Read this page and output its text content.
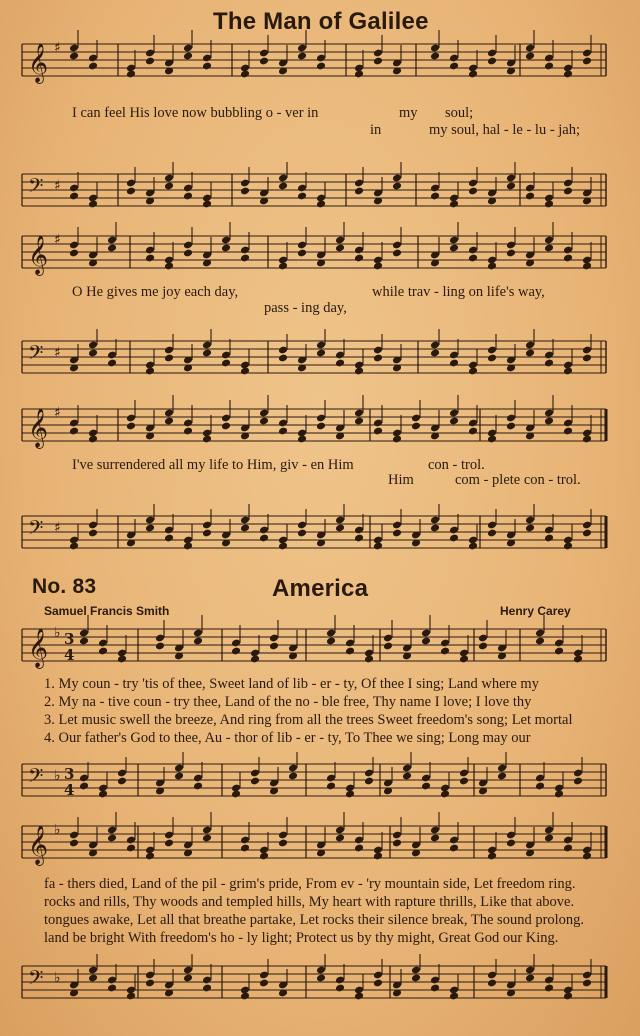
The Man of Galilee
𝄞 ♯
I can feel His love now bubbling o - ver in	my soul;
in	my soul, hal - le - lu - jah;
𝄢 ♯
𝄞 ♯
O He gives me joy each day,	while trav - ling on life's way,
pass - ing day,
𝄢 ♯
𝄞 ♯
I've surrendered all my life to Him, giv - en Him	con - trol.
Him	com - plete con - trol.
𝄢 ♯
No. 83	America
Samuel Francis Smith	Henry Carey
𝄞 ♭ 3
4
1. My coun - try 'tis of thee, Sweet land of lib - er - ty, Of thee I sing; Land where my
2. My na - tive coun - try thee, Land of the no - ble free, Thy name I love; I love thy
3. Let music swell the breeze, And ring from all the trees Sweet freedom's song; Let mortal
4. Our father's God to thee, Au - thor of lib - er - ty, To Thee we sing; Long may our
𝄢 ♭ 3
4
𝄞 ♭
fa - thers died, Land of the pil - grim's pride, From ev - 'ry mountain side, Let freedom ring.
rocks and rills, Thy woods and templed hills, My heart with rapture thrills, Like that above.
tongues awake, Let all that breathe partake, Let rocks their silence break, The sound prolong.
land be bright With freedom's ho - ly light; Protect us by thy might, Great God our King.
𝄢 ♭
